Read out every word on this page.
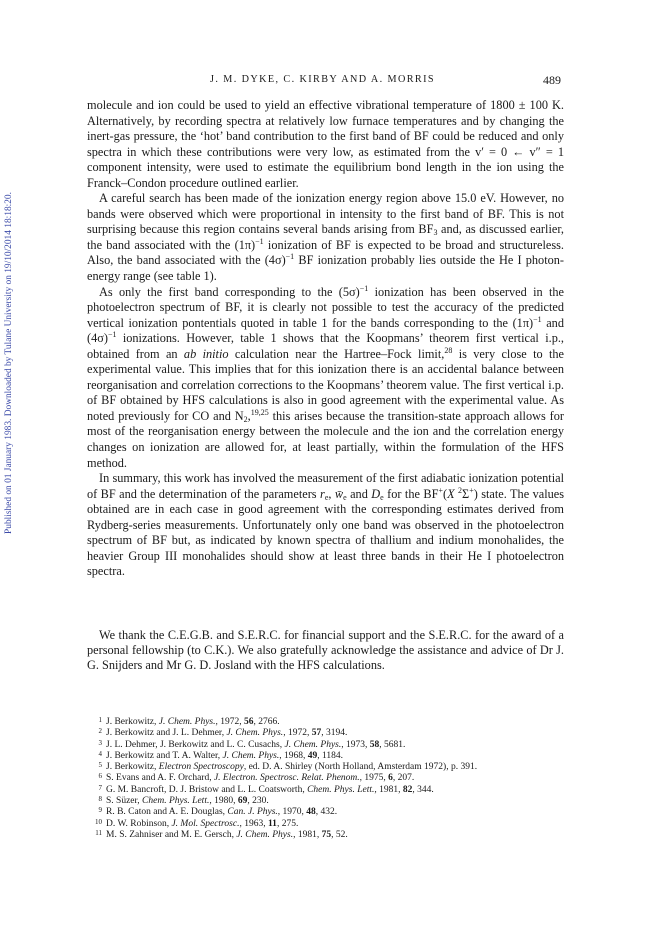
Published on 01 January 1983. Downloaded by Tulane University on 19/10/2014 18:18:20.
J. M. DYKE, C. KIRBY AND A. MORRIS	489

molecule and ion could be used to yield an effective vibrational temperature of 1800 ± 100 K. Alternatively, by recording spectra at relatively low furnace temperatures and by changing the inert-gas pressure, the ‘hot’ band contribution to the first band of BF could be reduced and only spectra in which these contributions were very low, as estimated from the v′ = 0 ← v″ = 1 component intensity, were used to estimate the equilibrium bond length in the ion using the Franck–Condon procedure outlined earlier.

A careful search has been made of the ionization energy region above 15.0 eV. However, no bands were observed which were proportional in intensity to the first band of BF. This is not surprising because this region contains several bands arising from $BF_3$ and, as discussed earlier, the band associated with the $(1\pi)^{-1}$ ionization of BF is expected to be broad and structureless. Also, the band associated with the $(4\sigma)^{-1}$ BF ionization probably lies outside the He I photon-energy range (see table 1).

As only the first band corresponding to the $(5\sigma)^{-1}$ ionization has been observed in the photoelectron spectrum of BF, it is clearly not possible to test the accuracy of the predicted vertical ionization pontentials quoted in table 1 for the bands corresponding to the $(1\pi)^{-1}$ and $(4\sigma)^{-1}$ ionizations. However, table 1 shows that the Koopmans’ theorem first vertical i.p., obtained from an ab initio calculation near the Hartree–Fock limit,$^{28}$ is very close to the experimental value. This implies that for this ionization there is an accidental balance between reorganisation and correlation corrections to the Koopmans’ theorem value. The first vertical i.p. of BF obtained by HFS calculations is also in good agreement with the experimental value. As noted previously for CO and $N_2,^{19,25}$ this arises because the transition-state approach allows for most of the reorganisation energy between the molecule and the ion and the correlation energy changes on ionization are allowed for, at least partially, within the formulation of the HFS method.

In summary, this work has involved the measurement of the first adiabatic ionization potential of BF and the determination of the parameters $r_e$, $w̄_e$ and $D_e$ for the BF+(X $^2$Σ+) state. The values obtained are in each case in good agreement with the corresponding estimates derived from Rydberg-series measurements. Unfortunately only one band was observed in the photoelectron spectrum of BF but, as indicated by known spectra of thallium and indium monohalides, the heavier Group III monohalides should show at least three bands in their He I photoelectron spectra.

We thank the C.E.G.B. and S.E.R.C. for financial support and the S.E.R.C. for the award of a personal fellowship (to C.K.). We also gratefully acknowledge the assistance and advice of Dr J. G. Snijders and Mr G. D. Josland with the HFS calculations.

1 J. Berkowitz, J. Chem. Phys., 1972, 56, 2766.
2 J. Berkowitz and J. L. Dehmer, J. Chem. Phys., 1972, 57, 3194.
3 J. L. Dehmer, J. Berkowitz and L. C. Cusachs, J. Chem. Phys., 1973, 58, 5681.
4 J. Berkowitz and T. A. Walter, J. Chem. Phys., 1968, 49, 1184.
5 J. Berkowitz, Electron Spectroscopy, ed. D. A. Shirley (North Holland, Amsterdam 1972), p. 391.
6 S. Evans and A. F. Orchard, J. Electron. Spectrosc. Relat. Phenom., 1975, 6, 207.
7 G. M. Bancroft, D. J. Bristow and L. L. Coatsworth, Chem. Phys. Lett., 1981, 82, 344.
8 S. Süzer, Chem. Phys. Lett., 1980, 69, 230.
9 R. B. Caton and A. E. Douglas, Can. J. Phys., 1970, 48, 432.
10 D. W. Robinson, J. Mol. Spectrosc., 1963, 11, 275.
11 M. S. Zahniser and M. E. Gersch, J. Chem. Phys., 1981, 75, 52.
